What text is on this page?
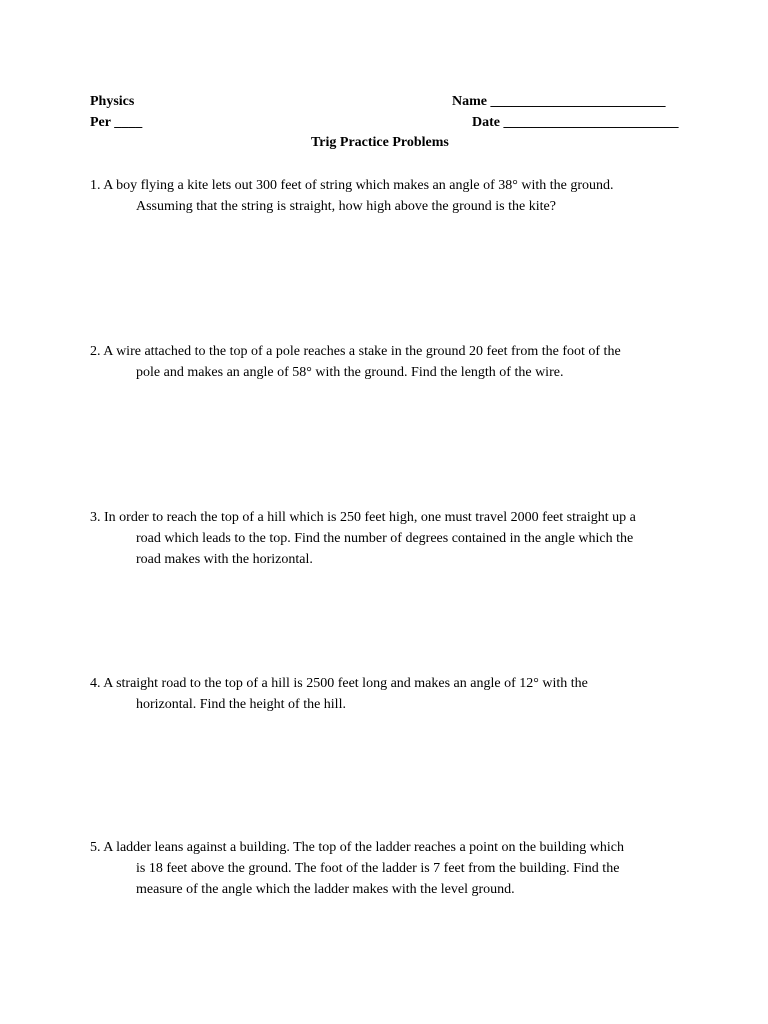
Physics
Per ____
Name _________________________
Date _________________________
Trig Practice Problems
1. A boy flying a kite lets out 300 feet of string which makes an angle of 38° with the ground.
Assuming that the string is straight, how high above the ground is the kite?
2. A wire attached to the top of a pole reaches a stake in the ground 20 feet from the foot of the
pole and makes an angle of 58° with the ground. Find the length of the wire.
3. In order to reach the top of a hill which is 250 feet high, one must travel 2000 feet straight up a
road which leads to the top. Find the number of degrees contained in the angle which the
road makes with the horizontal.
4. A straight road to the top of a hill is 2500 feet long and makes an angle of 12° with the
horizontal. Find the height of the hill.
5. A ladder leans against a building. The top of the ladder reaches a point on the building which
is 18 feet above the ground. The foot of the ladder is 7 feet from the building. Find the
measure of the angle which the ladder makes with the level ground.
